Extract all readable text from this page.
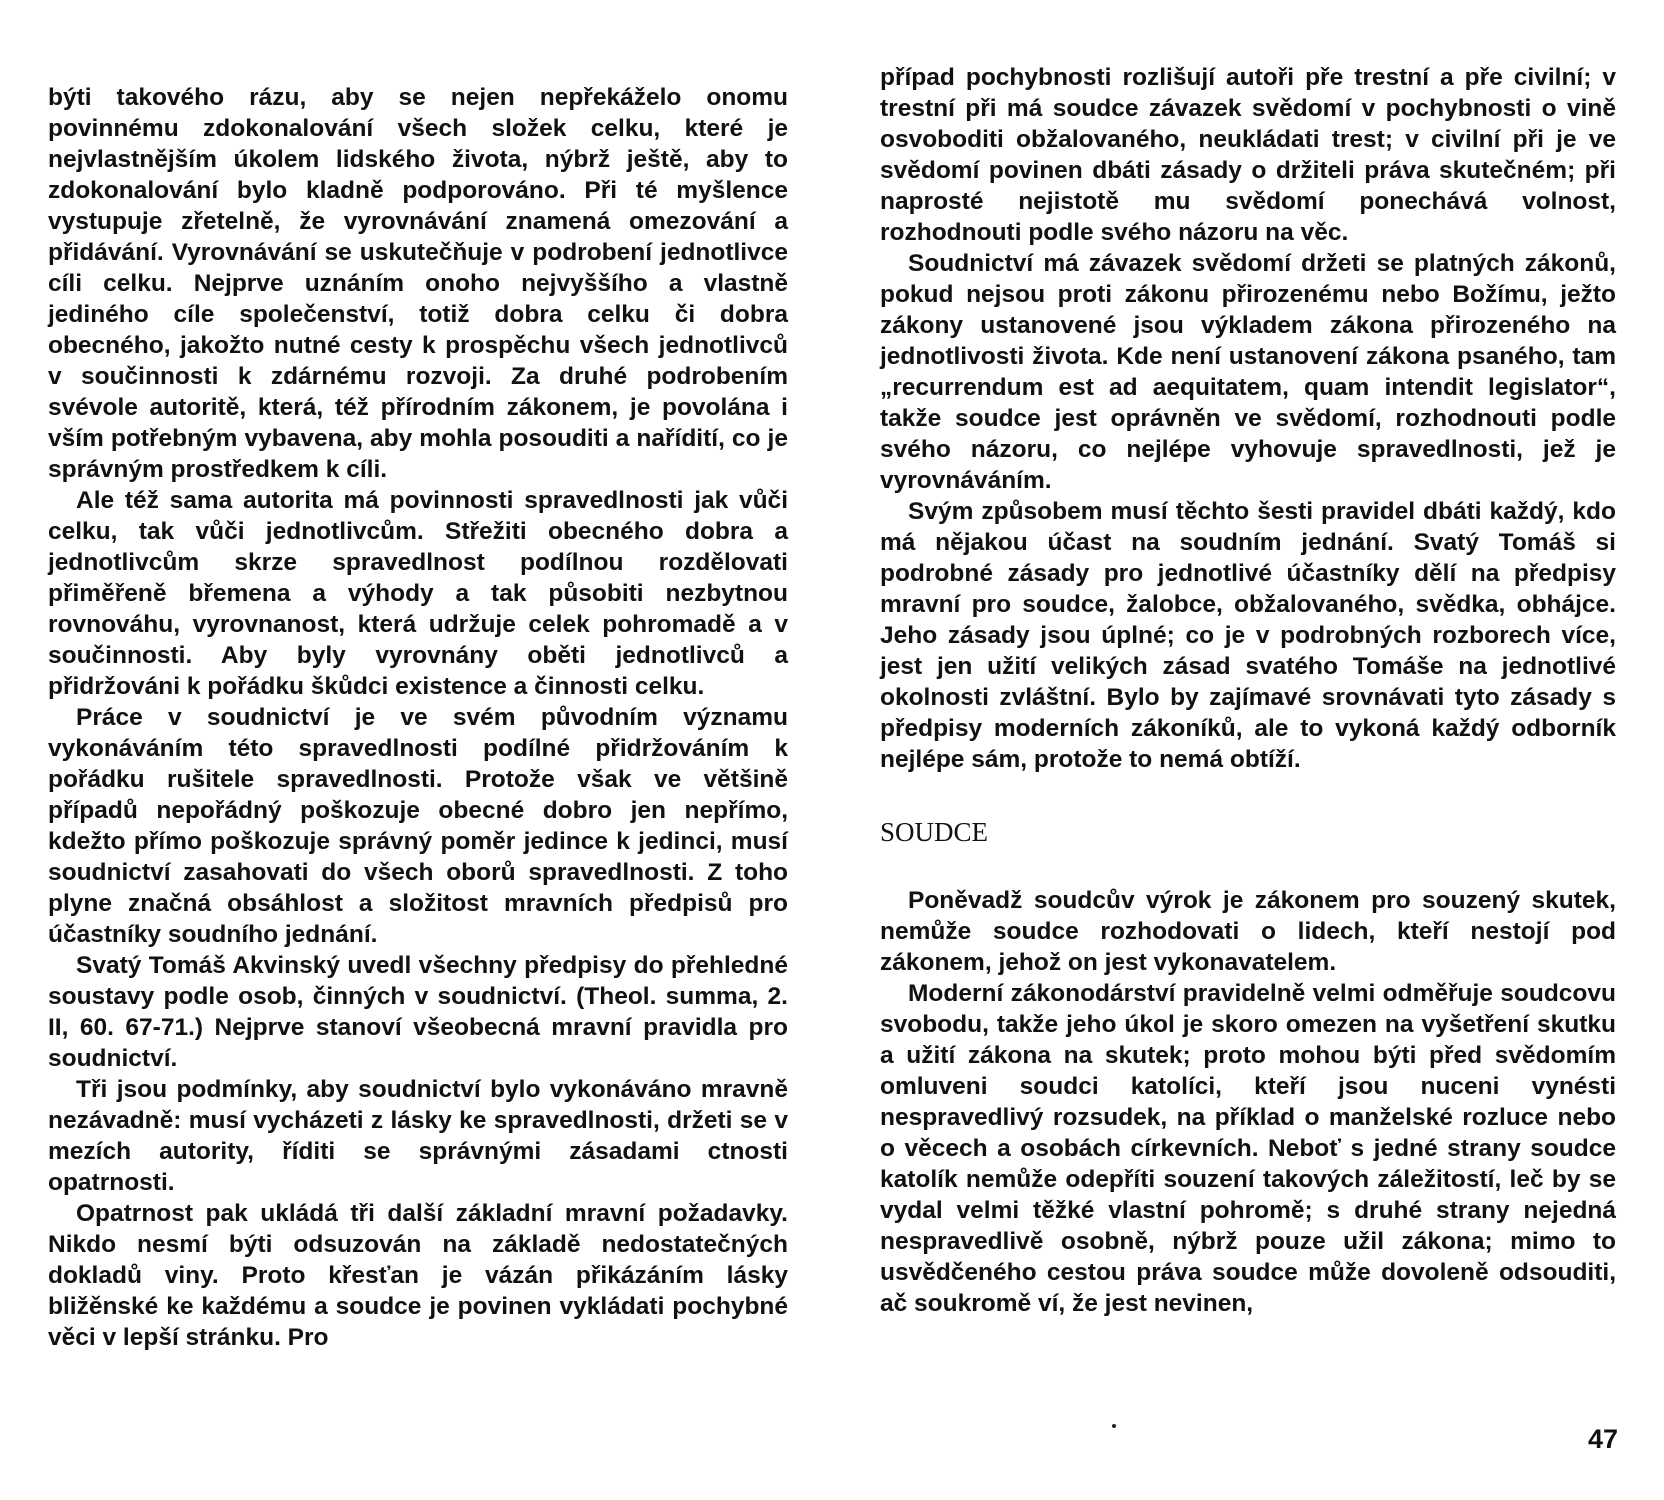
býti takového rázu, aby se nejen nepřekáželo onomu povinnému zdokonalování všech složek celku, které je nejvlastnějším úkolem lidského života, nýbrž ještě, aby to zdokonalování bylo kladně podporováno. Při té myšlence vystupuje zřetelně, že vyrovnávání znamená omezování a přidávání. Vyrovnávání se uskutečňuje v podrobení jednotlivce cíli celku. Nejprve uznáním onoho nejvyššího a vlastně jediného cíle společenství, totiž dobra celku či dobra obecného, jakožto nutné cesty k prospěchu všech jednotlivců v součinnosti k zdárnému rozvoji. Za druhé podrobením svévole autoritě, která, též přírodním zákonem, je povolána i vším potřebným vybavena, aby mohla posouditi a nařídití, co je správným prostředkem k cíli.

Ale též sama autorita má povinnosti spravedlnosti jak vůči celku, tak vůči jednotlivcům. Střežiti obecného dobra a jednotlivcům skrze spravedlnost podílnou rozdělovati přiměřeně břemena a výhody a tak působiti nezbytnou rovnováhu, vyrovnanost, která udržuje celek pohromadě a v součinnosti. Aby byly vyrovnány oběti jednotlivců a přidržováni k pořádku škůdci existence a činnosti celku.

Práce v soudnictví je ve svém původním významu vykonáváním této spravedlnosti podílné přidržováním k pořádku rušitele spravedlnosti. Protože však ve většině případů nepořádný poškozuje obecné dobro jen nepřímo, kdežto přímo poškozuje správný poměr jedince k jedinci, musí soudnictví zasahovati do všech oborů spravedlnosti. Z toho plyne značná obsáhlost a složitost mravních předpisů pro účastníky soudního jednání.

Svatý Tomáš Akvinský uvedl všechny předpisy do přehledné soustavy podle osob, činných v soudnictví. (Theol. summa, 2. II, 60. 67-71.) Nejprve stanoví všeobecná mravní pravidla pro soudnictví.

Tři jsou podmínky, aby soudnictví bylo vykonáváno mravně nezávadně: musí vycházeti z lásky ke spravedlnosti, držeti se v mezích autority, říditi se správnými zásadami ctnosti opatrnosti.

Opatrnost pak ukládá tři další základní mravní požadavky. Nikdo nesmí býti odsuzován na základě nedostatečných dokladů viny. Proto křesťan je vázán přikázáním lásky bližěnské ke každému a soudce je povinen vykládati pochybné věci v lepší stránku. Pro

případ pochybnosti rozlišují autoři pře trestní a pře civilní; v trestní při má soudce závazek svědomí v pochybnosti o vině osvoboditi obžalovaného, neukládati trest; v civilní při je ve svědomí povinen dbáti zásady o držiteli práva skutečném; při naprosté nejistotě mu svědomí ponechává volnost, rozhodnouti podle svého názoru na věc.

Soudnictví má závazek svědomí držeti se platných zákonů, pokud nejsou proti zákonu přirozenému nebo Božímu, ježto zákony ustanovené jsou výkladem zákona přirozeného na jednotlivosti života. Kde není ustanovení zákona psaného, tam „recurrendum est ad aequitatem, quam intendit legislator“, takže soudce jest oprávněn ve svědomí, rozhodnouti podle svého názoru, co nejlépe vyhovuje spravedlnosti, jež je vyrovnáváním.

Svým způsobem musí těchto šesti pravidel dbáti každý, kdo má nějakou účast na soudním jednání. Svatý Tomáš si podrobné zásady pro jednotlivé účastníky dělí na předpisy mravní pro soudce, žalobce, obžalovaného, svědka, obhájce. Jeho zásady jsou úplné; co je v podrobných rozborech více, jest jen užití velikých zásad svatého Tomáše na jednotlivé okolnosti zvláštní. Bylo by zajímavé srovnávati tyto zásady s předpisy moderních zákoníků, ale to vykoná každý odborník nejlépe sám, protože to nemá obtíží.

SOUDCE

Poněvadž soudcův výrok je zákonem pro souzený skutek, nemůže soudce rozhodovati o lidech, kteří nestojí pod zákonem, jehož on jest vykonavatelem.

Moderní zákonodárství pravidelně velmi odměřuje soudcovu svobodu, takže jeho úkol je skoro omezen na vyšetření skutku a užití zákona na skutek; proto mohou býti před svědomím omluveni soudci katolíci, kteří jsou nuceni vynésti nespravedlivý rozsudek, na příklad o manželské rozluce nebo o věcech a osobách církevních. Neboť s jedné strany soudce katolík nemůže odepříti souzení takových záležitostí, leč by se vydal velmi těžké vlastní pohromě; s druhé strany nejedná nespravedlivě osobně, nýbrž pouze užil zákona; mimo to usvědčeného cestou práva soudce může dovoleně odsouditi, ač soukromě ví, že jest nevinen,

47
